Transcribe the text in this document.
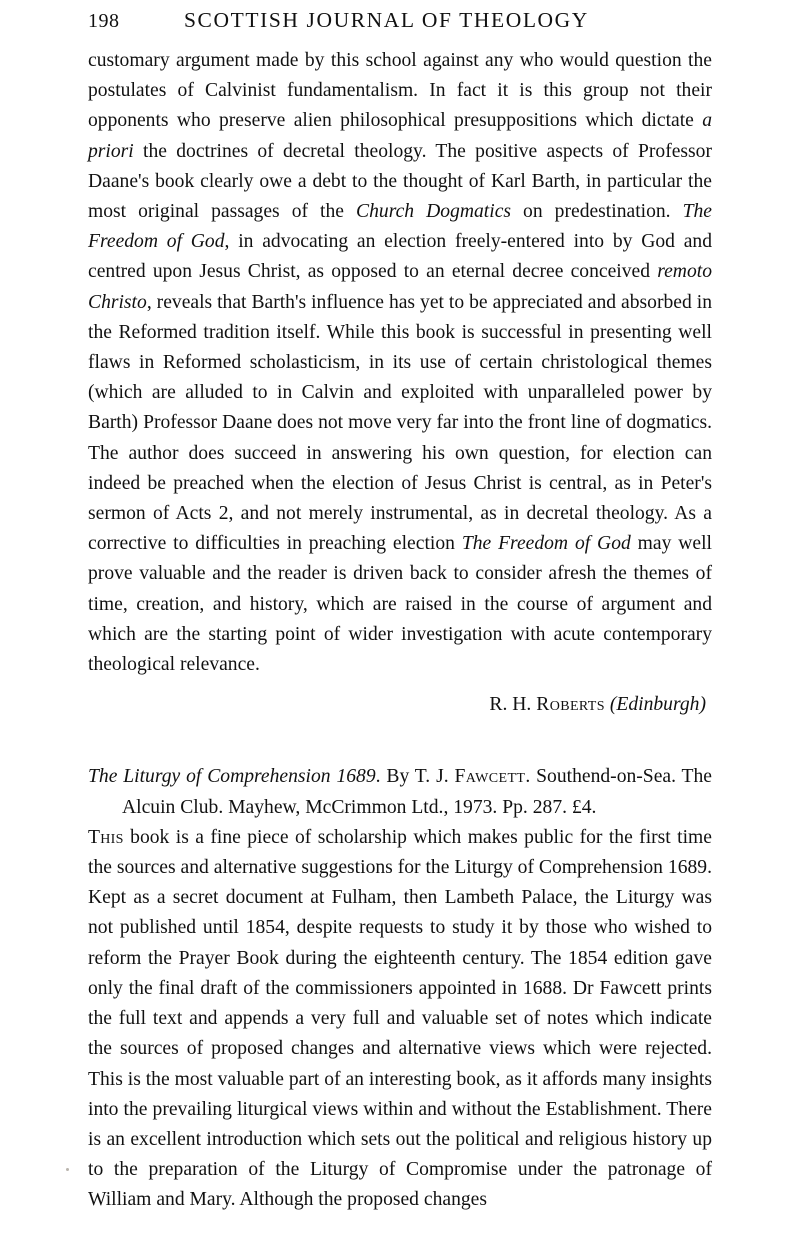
198	SCOTTISH JOURNAL OF THEOLOGY

customary argument made by this school against any who would question the postulates of Calvinist fundamentalism. In fact it is this group not their opponents who preserve alien philosophical presuppositions which dictate a priori the doctrines of decretal theology. The positive aspects of Professor Daane's book clearly owe a debt to the thought of Karl Barth, in particular the most original passages of the Church Dogmatics on predestination. The Freedom of God, in advocating an election freely-entered into by God and centred upon Jesus Christ, as opposed to an eternal decree conceived remoto Christo, reveals that Barth's influence has yet to be appreciated and absorbed in the Reformed tradition itself. While this book is successful in presenting well flaws in Reformed scholasticism, in its use of certain christological themes (which are alluded to in Calvin and exploited with unparalleled power by Barth) Professor Daane does not move very far into the front line of dogmatics. The author does succeed in answering his own question, for election can indeed be preached when the election of Jesus Christ is central, as in Peter's sermon of Acts 2, and not merely instrumental, as in decretal theology. As a corrective to difficulties in preaching election The Freedom of God may well prove valuable and the reader is driven back to consider afresh the themes of time, creation, and history, which are raised in the course of argument and which are the starting point of wider investigation with acute contemporary theological relevance.

R. H. Roberts (Edinburgh)
The Liturgy of Comprehension 1689. By T. J. Fawcett. Southend-on-Sea. The Alcuin Club. Mayhew, McCrimmon Ltd., 1973. Pp. 287. £4.

This book is a fine piece of scholarship which makes public for the first time the sources and alternative suggestions for the Liturgy of Comprehension 1689. Kept as a secret document at Fulham, then Lambeth Palace, the Liturgy was not published until 1854, despite requests to study it by those who wished to reform the Prayer Book during the eighteenth century. The 1854 edition gave only the final draft of the commissioners appointed in 1688. Dr Fawcett prints the full text and appends a very full and valuable set of notes which indicate the sources of proposed changes and alternative views which were rejected. This is the most valuable part of an interesting book, as it affords many insights into the prevailing liturgical views within and without the Establishment. There is an excellent introduction which sets out the political and religious history up to the preparation of the Liturgy of Compromise under the patronage of William and Mary. Although the proposed changes
